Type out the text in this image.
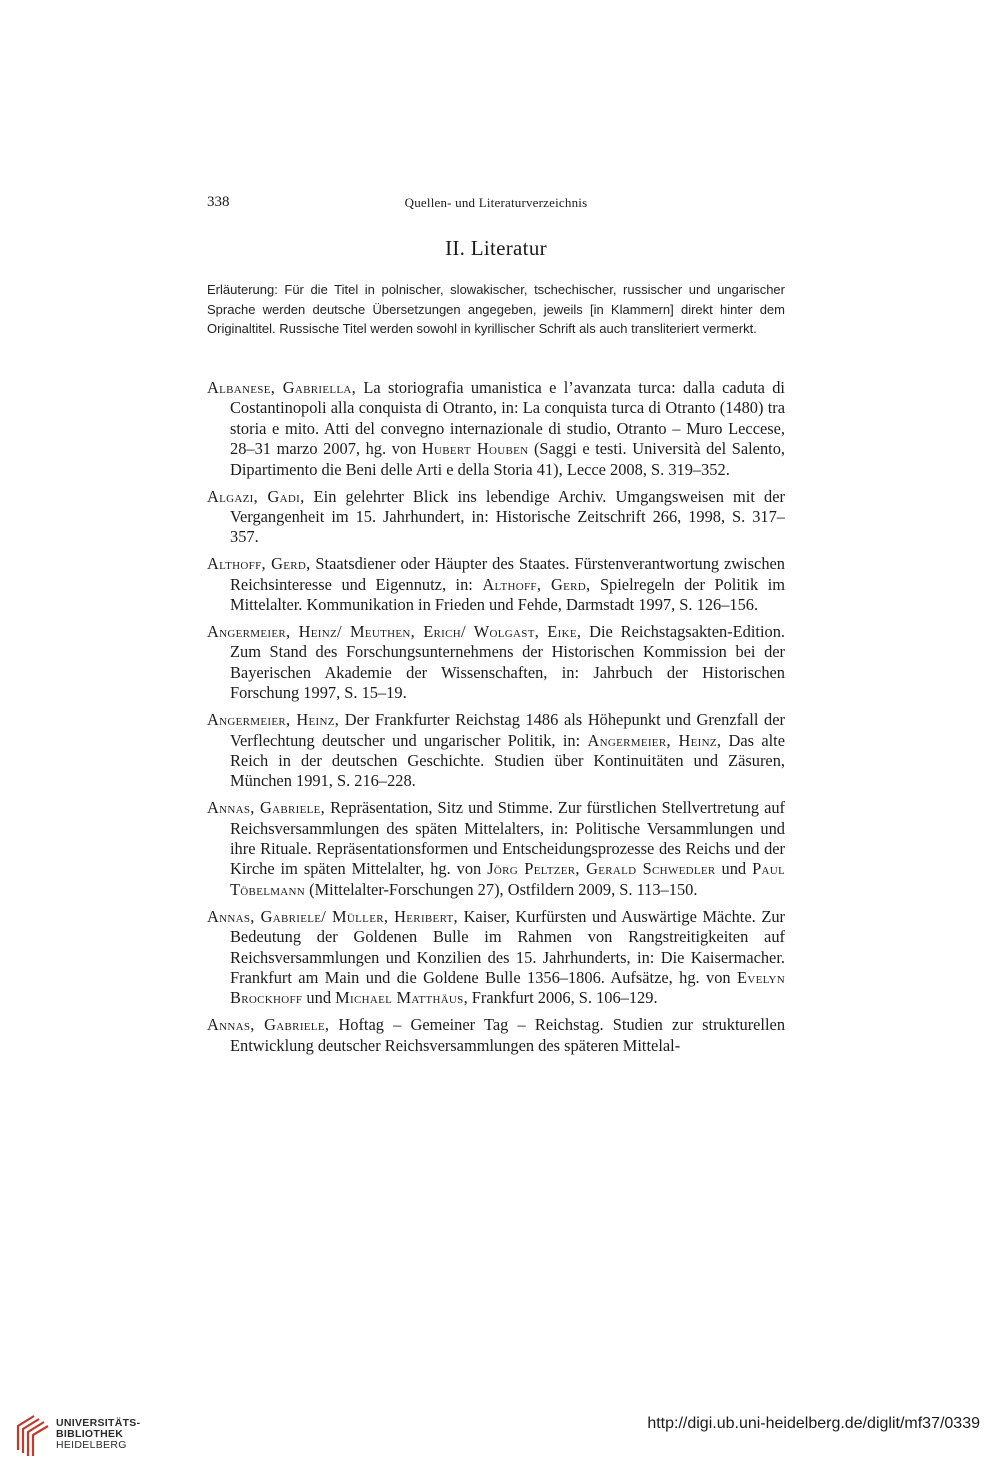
338	Quellen- und Literaturverzeichnis
II. Literatur
Erläuterung: Für die Titel in polnischer, slowakischer, tschechischer, russischer und ungarischer Sprache werden deutsche Übersetzungen angegeben, jeweils [in Klammern] direkt hinter dem Originaltitel. Russische Titel werden sowohl in kyrillischer Schrift als auch transliteriert vermerkt.

Albanese, Gabriella, La storiografia umanistica e l’avanzata turca: dalla caduta di Costantinopoli alla conquista di Otranto, in: La conquista turca di Otranto (1480) tra storia e mito. Atti del convegno internazionale di studio, Otranto – Muro Leccese, 28–31 marzo 2007, hg. von Hubert Houben (Saggi e testi. Università del Salento, Dipartimento die Beni delle Arti e della Storia 41), Lecce 2008, S. 319–352.

Algazi, Gadi, Ein gelehrter Blick ins lebendige Archiv. Umgangsweisen mit der Vergangenheit im 15. Jahrhundert, in: Historische Zeitschrift 266, 1998, S. 317–357.

Althoff, Gerd, Staatsdiener oder Häupter des Staates. Fürstenverantwortung zwischen Reichsinteresse und Eigennutz, in: Althoff, Gerd, Spielregeln der Politik im Mittelalter. Kommunikation in Frieden und Fehde, Darmstadt 1997, S. 126–156.

Angermeier, Heinz/ Meuthen, Erich/ Wolgast, Eike, Die Reichstagsakten-Edition. Zum Stand des Forschungsunternehmens der Historischen Kommission bei der Bayerischen Akademie der Wissenschaften, in: Jahrbuch der Historischen Forschung 1997, S. 15–19.

Angermeier, Heinz, Der Frankfurter Reichstag 1486 als Höhepunkt und Grenzfall der Verflechtung deutscher und ungarischer Politik, in: Angermeier, Heinz, Das alte Reich in der deutschen Geschichte. Studien über Kontinuitäten und Zäsuren, München 1991, S. 216–228.

Annas, Gabriele, Repräsentation, Sitz und Stimme. Zur fürstlichen Stellvertretung auf Reichsversammlungen des späten Mittelalters, in: Politische Versammlungen und ihre Rituale. Repräsentationsformen und Entscheidungsprozesse des Reichs und der Kirche im späten Mittelalter, hg. von Jörg Peltzer, Gerald Schwedler und Paul Töbelmann (Mittelalter-Forschungen 27), Ostfildern 2009, S. 113–150.

Annas, Gabriele/ Müller, Heribert, Kaiser, Kurfürsten und Auswärtige Mächte. Zur Bedeutung der Goldenen Bulle im Rahmen von Rangstreitigkeiten auf Reichsversammlungen und Konzilien des 15. Jahrhunderts, in: Die Kaisermacher. Frankfurt am Main und die Goldene Bulle 1356–1806. Aufsätze, hg. von Evelyn Brockhoff und Michael Matthäus, Frankfurt 2006, S. 106–129.

Annas, Gabriele, Hoftag – Gemeiner Tag – Reichstag. Studien zur strukturellen Entwicklung deutscher Reichsversammlungen des späteren Mittelal-

UNIVERSITÄTS-
BIBLIOTHEK
HEIDELBERG
http://digi.ub.uni-heidelberg.de/diglit/mf37/0339
